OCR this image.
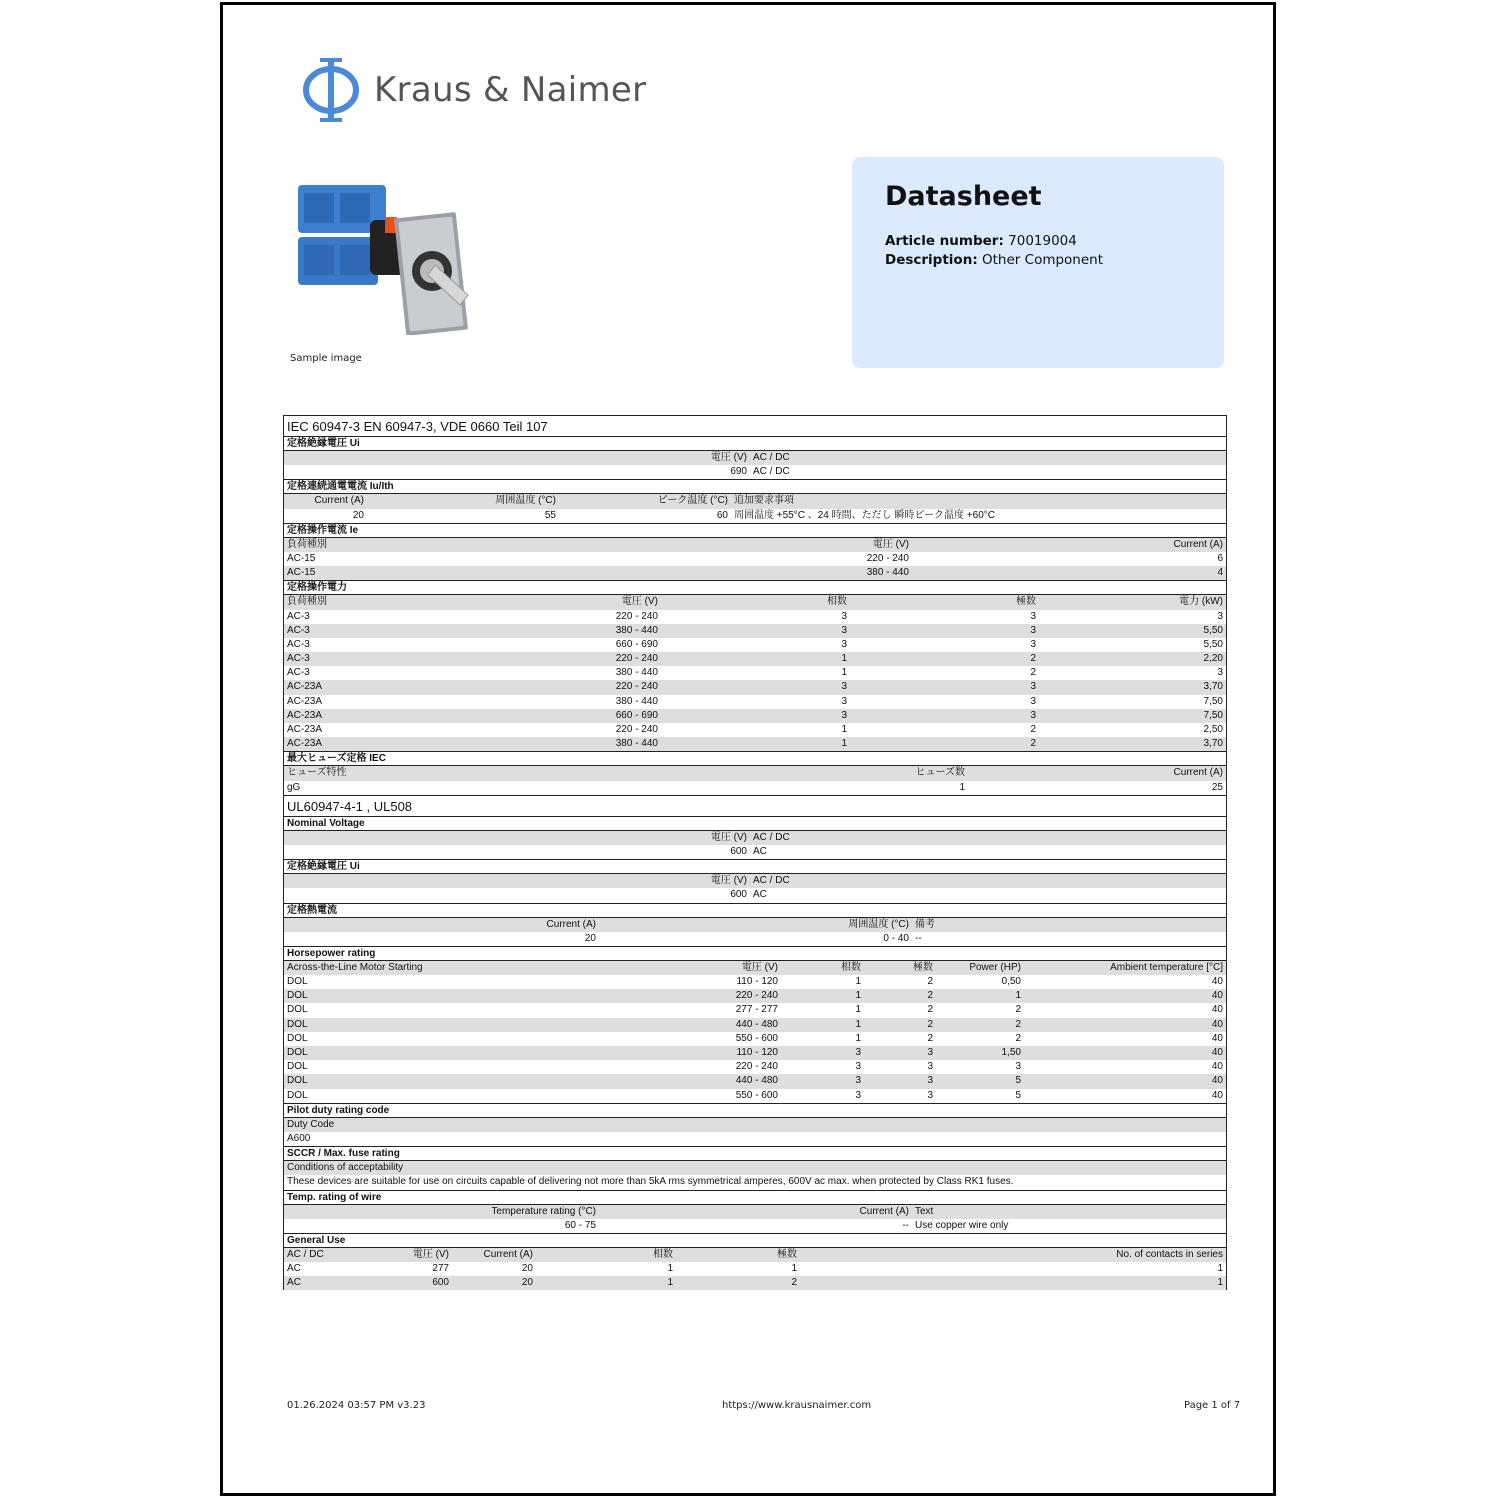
Kraus & Naimer
Sample image
Datasheet
Article number: 70019004
Description: Other Component
IEC 60947-3 EN 60947-3, VDE 0660 Teil 107
定格絶縁電圧 Ui
電圧 (V) AC / DC
690 AC / DC
定格連続通電電流 Iu/Ith
Current (A)	周囲温度 (°C)	ピーク温度 (°C) 追加要求事項
20	55	60 周囲温度 +55°C 、24 時間、ただし 瞬時ピーク温度 +60°C
定格操作電流 Ie
負荷種別	電圧 (V)	Current (A)
AC-15	220 - 240	6
AC-15	380 - 440	4
定格操作電力
負荷種別	電圧 (V)	相数	極数	電力 (kW)
AC-3	220 - 240	3	3	3
AC-3	380 - 440	3	3	5,50
AC-3	660 - 690	3	3	5,50
AC-3	220 - 240	1	2	2,20
AC-3	380 - 440	1	2	3
AC-23A	220 - 240	3	3	3,70
AC-23A	380 - 440	3	3	7,50
AC-23A	660 - 690	3	3	7,50
AC-23A	220 - 240	1	2	2,50
AC-23A	380 - 440	1	2	3,70
最大ヒューズ定格 IEC
ヒューズ特性	ヒューズ数	Current (A)
gG	1	25
UL60947-4-1 , UL508
Nominal Voltage
電圧 (V) AC / DC
600 AC
定格絶縁電圧 Ui
電圧 (V) AC / DC
600 AC
定格熱電流
Current (A)	周囲温度 (°C) 備考
20	0 - 40 --
Horsepower rating
Across-the-Line Motor Starting	電圧 (V)	相数	極数	Power (HP)	Ambient temperature [°C]
DOL	110 - 120	1	2	0,50	40
DOL	220 - 240	1	2	1	40
DOL	277 - 277	1	2	2	40
DOL	440 - 480	1	2	2	40
DOL	550 - 600	1	2	2	40
DOL	110 - 120	3	3	1,50	40
DOL	220 - 240	3	3	3	40
DOL	440 - 480	3	3	5	40
DOL	550 - 600	3	3	5	40
Pilot duty rating code
Duty Code
A600
SCCR / Max. fuse rating
Conditions of acceptability
These devices are suitable for use on circuits capable of delivering not more than 5kA rms symmetrical amperes, 600V ac max. when protected by Class RK1 fuses.
Temp. rating of wire
Temperature rating (°C)	Current (A) Text
60 - 75	-- Use copper wire only
General Use
AC / DC	電圧 (V)	Current (A)	相数	極数	No. of contacts in series
AC	277	20	1	1	1
AC	600	20	1	2	1
01.26.2024 03:57 PM v3.23	https://www.krausnaimer.com	Page 1 of 7
